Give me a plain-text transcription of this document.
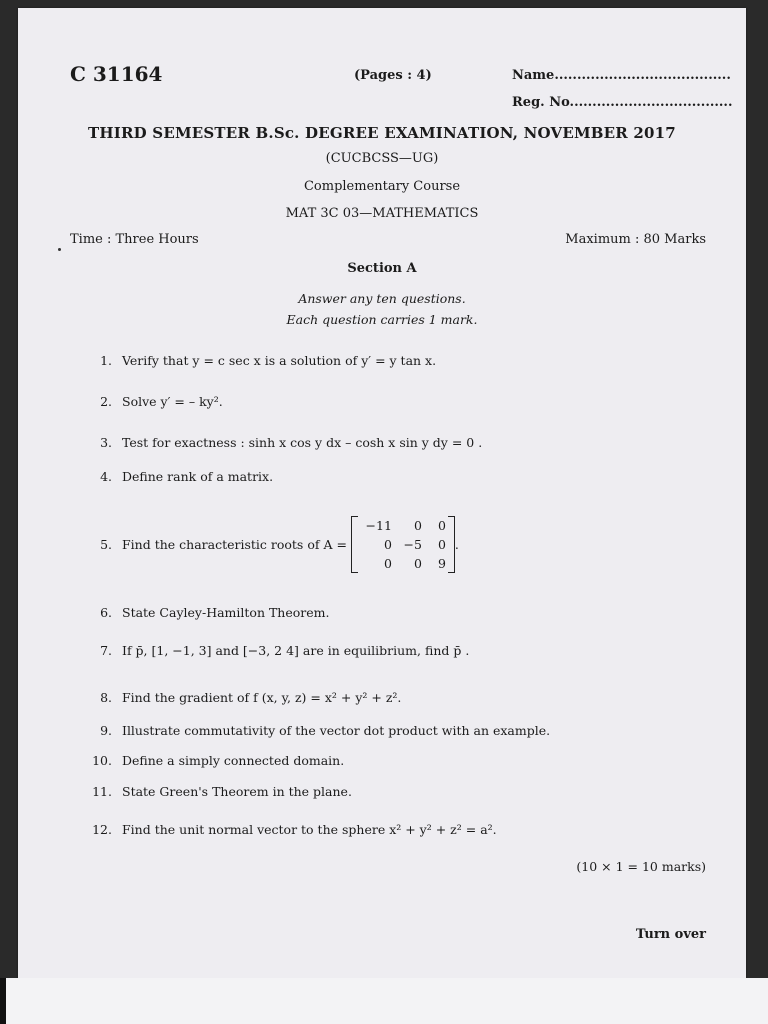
C 31164	(Pages : 4)	Name.......................................
Reg. No....................................
THIRD SEMESTER B.Sc. DEGREE EXAMINATION, NOVEMBER 2017
(CUCBCSS—UG)
Complementary Course
MAT 3C 03—MATHEMATICS
Time : Three Hours	Maximum : 80 Marks
Section A
Answer any ten questions.
Each question carries 1 mark.
1. Verify that y = c sec x is a solution of y′ = y tan x.
2. Solve y′ = – ky².
3. Test for exactness : sinh x cos y dx – cosh x sin y dy = 0 .
4. Define rank of a matrix.
5. Find the characteristic roots of A =
−11	0	0
0 −5	0
0	0	9
.
6. State Cayley-Hamilton Theorem.
7. If p̄, [1, −1, 3] and [−3, 2 4] are in equilibrium, find p̄ .
8. Find the gradient of f (x, y, z) = x² + y² + z².
9. Illustrate commutativity of the vector dot product with an example.
10. Define a simply connected domain.
11. State Green's Theorem in the plane.
12. Find the unit normal vector to the sphere x² + y² + z² = a².
(10 × 1 = 10 marks)
Turn over
